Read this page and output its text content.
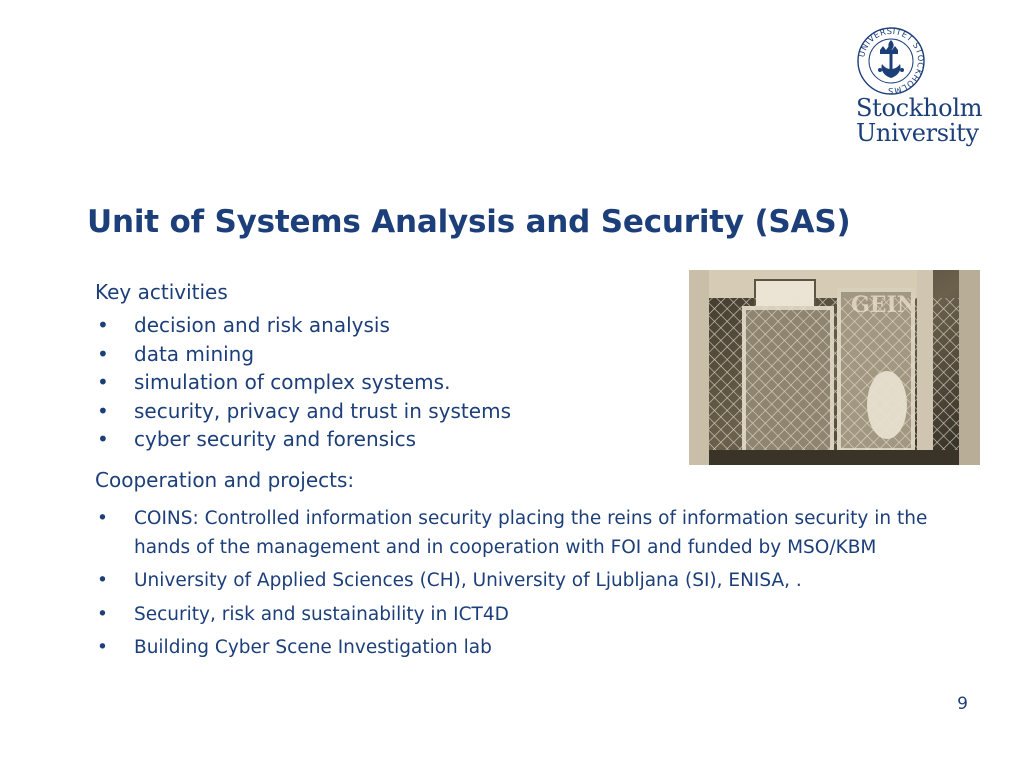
UNIVERSITET STOCKHOLMS
Stockholm
University
Unit of Systems Analysis and Security (SAS)
Key activities
• decision and risk analysis
• data mining
• simulation of complex systems.
• security, privacy and trust in systems
• cyber security and forensics
Cooperation and projects:
• COINS: Controlled information security placing the reins of information security in the hands of the management and in cooperation with FOI and funded by MSO/KBM
• University of Applied Sciences (CH), University of Ljubljana (SI), ENISA, .
• Security, risk and sustainability in ICT4D
• Building Cyber Scene Investigation lab
9
